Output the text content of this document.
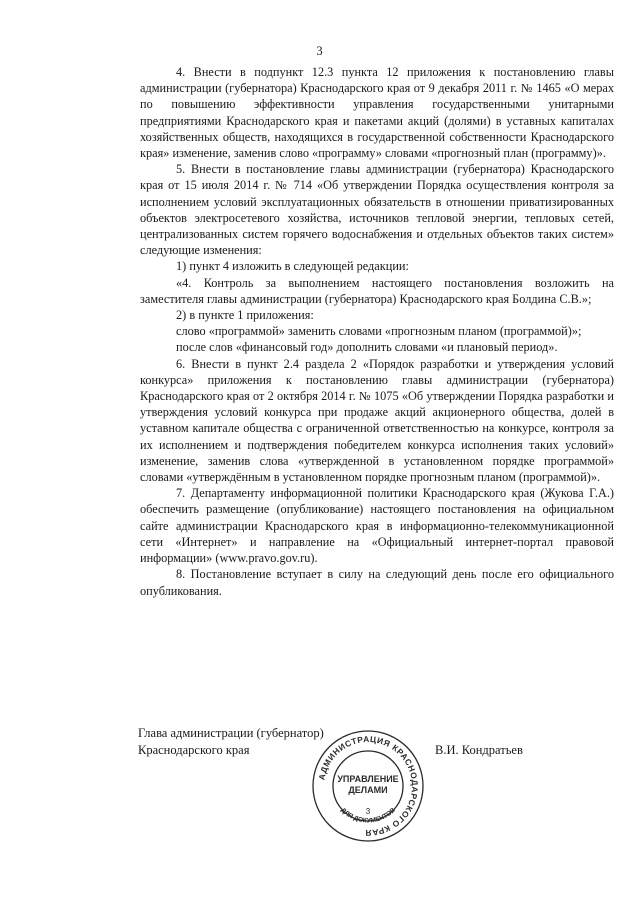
3

4. Внести в подпункт 12.3 пункта 12 приложения к постановлению главы администрации (губернатора) Краснодарского края от 9 декабря 2011 г. № 1465 «О мерах по повышению эффективности управления государственными унитарными предприятиями Краснодарского края и пакетами акций (долями) в уставных капиталах хозяйственных обществ, находящихся в государственной собственности Краснодарского края» изменение, заменив слово «программу» словами «прогнозный план (программу)».

5. Внести в постановление главы администрации (губернатора) Краснодарского края от 15 июля 2014 г. № 714 «Об утверждении Порядка осуществления контроля за исполнением условий эксплуатационных обязательств в отношении приватизированных объектов электросетевого хозяйства, источников тепловой энергии, тепловых сетей, централизованных систем горячего водоснабжения и отдельных объектов таких систем» следующие изменения:

1) пункт 4 изложить в следующей редакции:

«4. Контроль за выполнением настоящего постановления возложить на заместителя главы администрации (губернатора) Краснодарского края Болдина С.В.»;

2) в пункте 1 приложения:

слово «программой» заменить словами «прогнозным планом (программой)»;

после слов «финансовый год» дополнить словами «и плановый период».

6. Внести в пункт 2.4 раздела 2 «Порядок разработки и утверждения условий конкурса» приложения к постановлению главы администрации (губернатора) Краснодарского края от 2 октября 2014 г. № 1075 «Об утверждении Порядка разработки и утверждения условий конкурса при продаже акций акционерного общества, долей в уставном капитале общества с ограниченной ответственностью на конкурсе, контроля за их исполнением и подтверждения победителем конкурса исполнения таких условий» изменение, заменив слова «утвержденной в установленном порядке программой» словами «утверждённым в установленном порядке прогнозным планом (программой)».

7. Департаменту информационной политики Краснодарского края (Жукова Г.А.) обеспечить размещение (опубликование) настоящего постановления на официальном сайте администрации Краснодарского края в информационно-телекоммуникационной сети «Интернет» и направление на «Официальный интернет-портал правовой информации» (www.pravo.gov.ru).

8. Постановление вступает в силу на следующий день после его официального опубликования.

Глава администрации (губернатор)
Краснодарского края
АДМИНИСТРАЦИЯ КРАСНОДАРСКОГО КРАЯ
ДЛЯ ДОКУМЕНТОВ
УПРАВЛЕНИЕ
ДЕЛАМИ
3
В.И. Кондратьев
